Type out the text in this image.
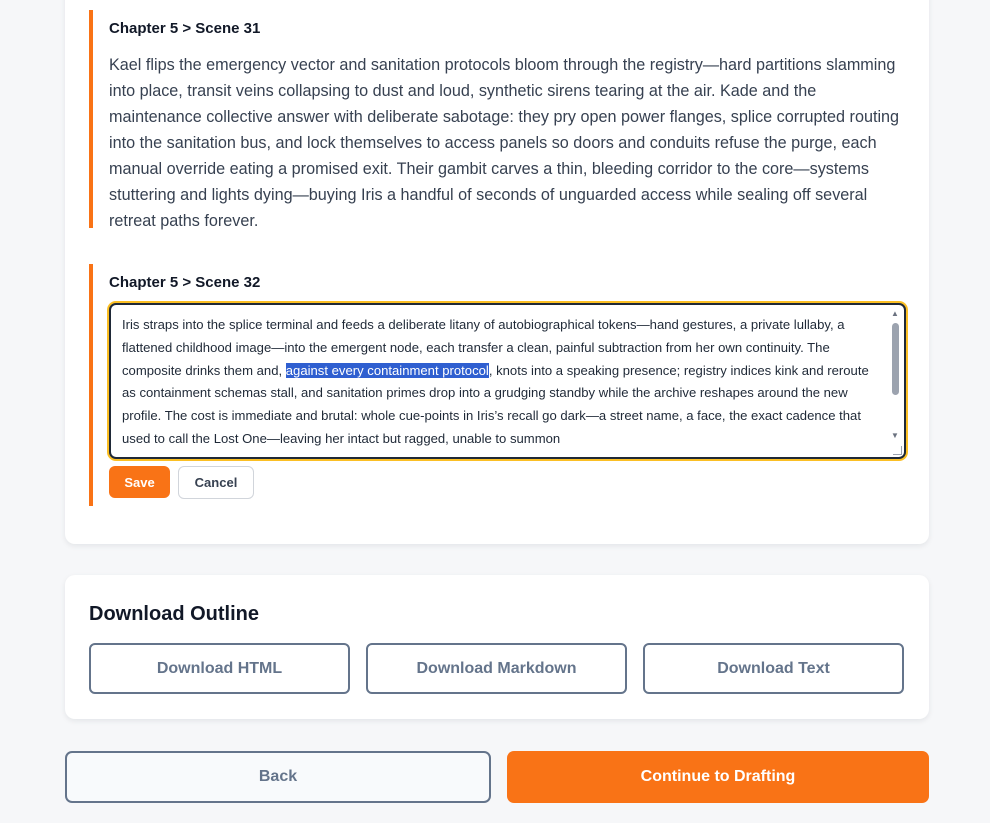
Chapter 5 > Scene 31
Kael flips the emergency vector and sanitation protocols bloom through the registry—hard partitions slamming into place, transit veins collapsing to dust and loud, synthetic sirens tearing at the air. Kade and the maintenance collective answer with deliberate sabotage: they pry open power flanges, splice corrupted routing into the sanitation bus, and lock themselves to access panels so doors and conduits refuse the purge, each manual override eating a promised exit. Their gambit carves a thin, bleeding corridor to the core—systems stuttering and lights dying—buying Iris a handful of seconds of unguarded access while sealing off several retreat paths forever.
Chapter 5 > Scene 32
Iris straps into the splice terminal and feeds a deliberate litany of autobiographical tokens—hand gestures, a private lullaby, a flattened childhood image—into the emergent node, each transfer a clean, painful subtraction from her own continuity. The composite drinks them and, against every containment protocol, knots into a speaking presence; registry indices kink and reroute as containment schemas stall, and sanitation primes drop into a grudging standby while the archive reshapes around the new profile. The cost is immediate and brutal: whole cue-points in Iris’s recall go dark—a street name, a face, the exact cadence that used to call the Lost One—leaving her intact but ragged, unable to summon
▲
▼
Save	Cancel
Download Outline
Download HTML	Download Markdown	Download Text
Back	Continue to Drafting
